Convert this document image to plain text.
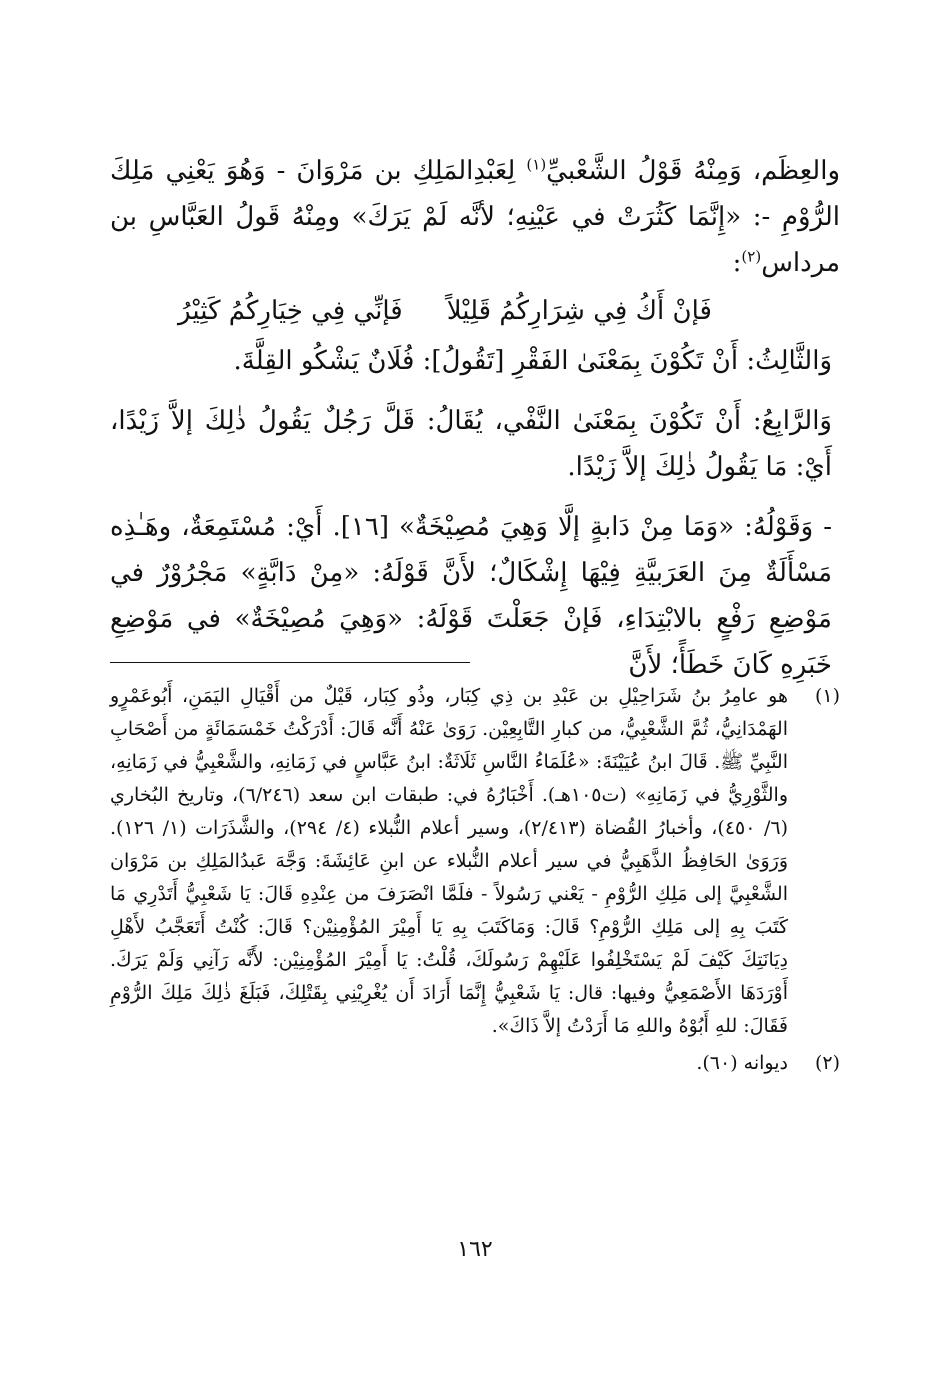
والعِظَم، وَمِنْهُ قَوْلُ الشَّعْبيِّ$^{(١)}$ لِعَبْدِالمَلِكِ بن مَرْوَانَ - وَهُوَ يَعْنِي مَلِكَ الرُّوْمِ -: «إِنَّمَا كَثُرَتْ في عَيْنِهِ؛ لأنَّه لَمْ يَرَكَ» ومِنْهُ قَولُ العَبَّاسِ بن مرداس$^{(٢)}$:

فَإنْ أَكُ فِي شِرَارِكُمُ قَلِيْلاً
فَإنِّي فِي خِيَارِكُمُ كَثِيْرُ

وَالثَّالِثُ: أَنْ تَكُوْنَ بِمَعْنَىٰ الفَقْرِ [تَقُولُ]: فُلَانٌ يَشْكُو القِلَّةَ.

وَالرَّابِعُ: أَنْ تَكُوْنَ بِمَعْنَىٰ النَّفْي، يُقَالُ: قَلَّ رَجُلٌ يَقُولُ ذٰلِكَ إلاَّ زَيْدًا، أَيْ: مَا يَقُولُ ذٰلِكَ إلاَّ زَيْدًا.

- وَقَوْلُهُ: «وَمَا مِنْ دَابةٍ إلَّا وَهِيَ مُصِيْخَةٌ» [١٦]. أَيْ: مُسْتَمِعَةٌ، وهَـٰذِه مَسْأَلَةٌ مِنَ العَرَبيَّةِ فِيْهَا إِشْكَالٌ؛ لأَنَّ قَوْلَهُ: «مِنْ دَابَّةٍ» مَجْرُوْرٌ في مَوْضِعِ رَفْعٍ بالابْتِدَاءِ، فَإنْ جَعَلْتَ قَوْلَهُ: «وَهِيَ مُصِيْخَةٌ» في مَوْضِعِ خَبَرِهِ كَانَ خَطَأً؛ لأَنَّ

(١)
هو عامِرُ بنُ شَرَاحِيْلِ بن عَبْدِ بن ذِي كِبَار، وذُو كِبَار، قَيْلٌ من أَقْيَالِ اليَمَنِ، أَبُوعَمْرٍو الهَمْدَانِيُّ، ثُمَّ الشَّعْبِيُّ، من كبارِ التَّابِعِيْن. رَوَىٰ عَنْهُ أَنَّه قَالَ: أَدْرَكْتُ خَمْسَمَائَةٍ من أَصْحَابِ النَّبِيِّ ﷺ. قَالَ ابنُ عُيَيْنَةَ: «عُلَمَاءُ النَّاسِ ثَلَاثَةٌ: ابنُ عَبَّاسٍ في زَمَانِهِ، والشَّعْبِيُّ في زَمَانِهِ، والثَّوْرِيُّ في زَمَانِهِ» (ت١٠٥هـ). أَخْبَارُهُ في: طبقات ابن سعد (٦/٢٤٦)، وتاريخ البُخاري (٦/ ٤٥٠)، وأخبارُ القُضاة (٢/٤١٣)، وسير أعلام النُّبلاء (٤/ ٢٩٤)، والشَّذَرَات (١/ ١٢٦). وَرَوَىٰ الحَافِظُ الذَّهَبِيُّ في سير أعلام النُّبلاء عن ابنِ عَائِشَةَ: وَجَّهَ عَبدُالمَلِكِ بن مَرْوَان الشَّعْبِيَّ إلى مَلِكِ الرُّوْمِ - يَعْني رَسُولاً - فلَمَّا انْصَرَفَ من عِنْدِهِ قَالَ: يَا شَعْبِيُّ أَتَدْرِي مَا كَتَبَ بِهِ إلى مَلِكِ الرُّوْمِ؟ قَالَ: وَمَاكَتَبَ بِهِ يَا أَمِيْرَ المُؤْمِنِيْن؟ قَالَ: كُنْتُ أَتَعَجَّبُ لأَهْلِ دِيَانَتِكَ كَيْفَ لَمْ يَسْتَخْلِفُوا عَلَيْهِمْ رَسُولَكَ، قُلْتُ: يَا أَمِيْرَ المُؤْمِنِيْن: لأَنَّه رَآنِي وَلَمْ يَرَكَ. أَوْرَدَهَا الأَصْمَعِيُّ وفيها: قال: يَا شَعْبِيُّ إِنَّمَا أَرَادَ أَن يُغْرِيْنِي بِقَتْلِكَ، فَبَلَغَ ذٰلِكَ مَلِكَ الرُّوْمِ فَقَالَ: للهِ أَبُوْهُ واللهِ مَا أَرَدْتُ إلاَّ ذَاكَ».
(٢)
ديوانه (٦٠).
١٦٢
